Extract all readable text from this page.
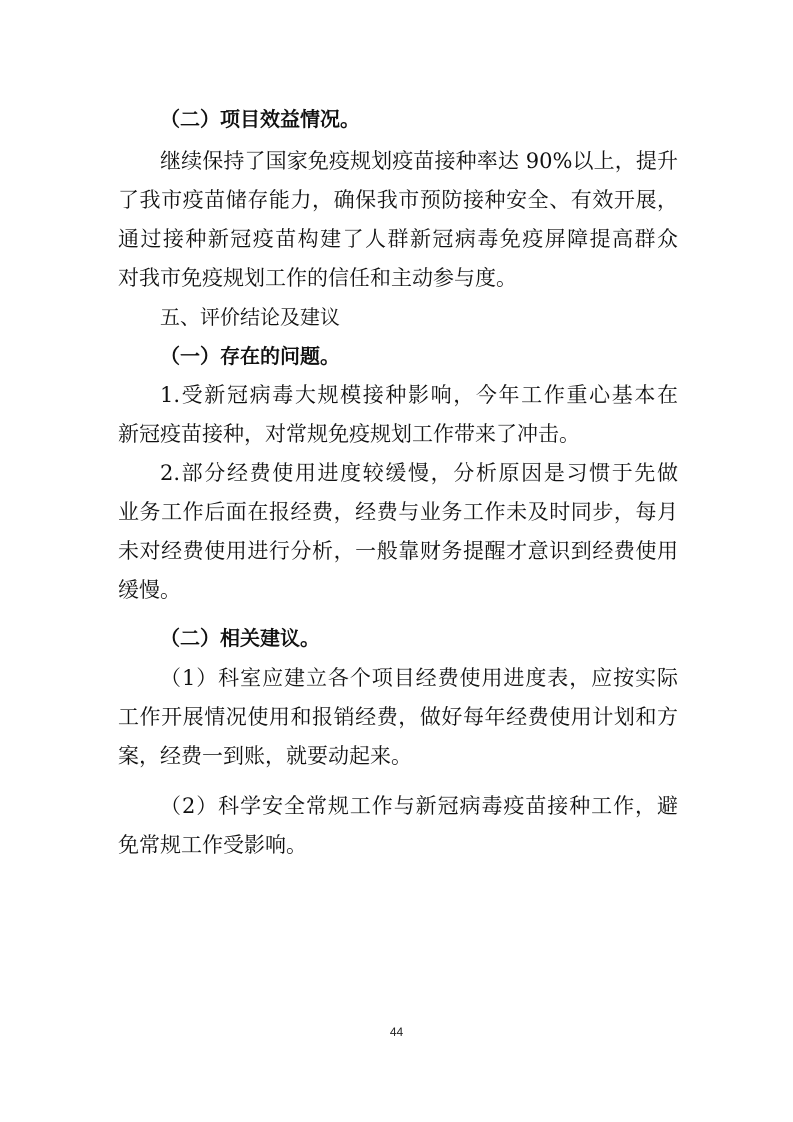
（二）项目效益情况。
继续保持了国家免疫规划疫苗接种率达 90%以上，提升
了我市疫苗储存能力，确保我市预防接种安全、有效开展，
通过接种新冠疫苗构建了人群新冠病毒免疫屏障提高群众
对我市免疫规划工作的信任和主动参与度。
五、评价结论及建议
（一）存在的问题。
1.受新冠病毒大规模接种影响，今年工作重心基本在
新冠疫苗接种，对常规免疫规划工作带来了冲击。
2.部分经费使用进度较缓慢，分析原因是习惯于先做
业务工作后面在报经费，经费与业务工作未及时同步，每月
未对经费使用进行分析，一般靠财务提醒才意识到经费使用
缓慢。
（二）相关建议。
（1）科室应建立各个项目经费使用进度表，应按实际
工作开展情况使用和报销经费，做好每年经费使用计划和方
案，经费一到账，就要动起来。
（2）科学安全常规工作与新冠病毒疫苗接种工作，避
免常规工作受影响。
44
